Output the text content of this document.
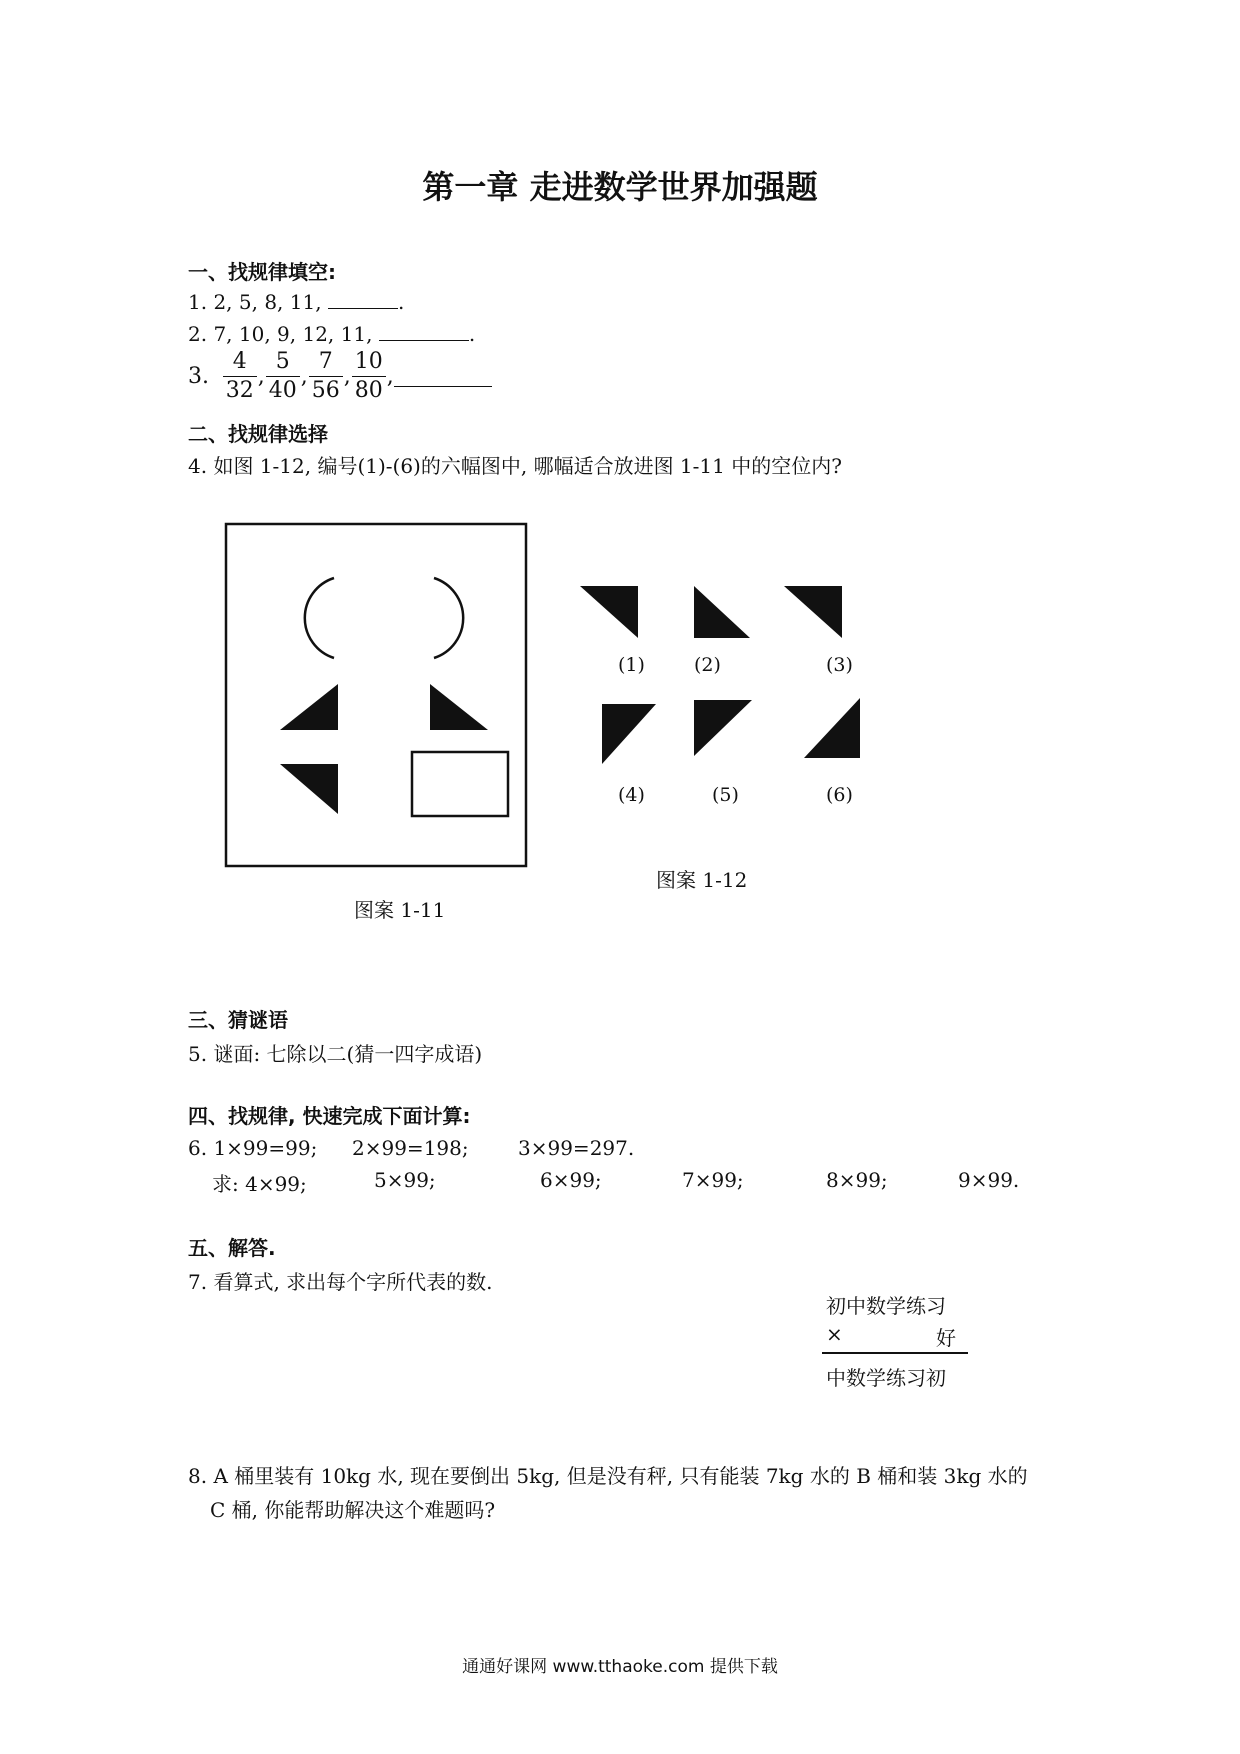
第一章 走进数学世界加强题
一、找规律填空:
1. 2, 5, 8, 11,	.
2. 7, 10, 9, 12, 11,	.
3. $\frac{4}{32}$ , $\frac{5}{40}$ , $\frac{7}{56}$ , $\frac{10}{80}$ ,
二、找规律选择
4. 如图 1-12, 编号(1)-(6)的六幅图中, 哪幅适合放进图 1-11 中的空位内?
图案 1-11
(1)	(2)	(3)
(4)	(5)	(6)
图案 1-12
三、猜谜语
5. 谜面: 七除以二(猜一四字成语)
四、找规律, 快速完成下面计算:
6. 1×99=99; 2×99=198; 3×99=297.
求: 4×99;	5×99;	6×99;	7×99;	8×99;	9×99.
五、解答.
7. 看算式, 求出每个字所代表的数.
初中数学练习
×	好
中数学练习初
8. A 桶里装有 10kg 水, 现在要倒出 5kg, 但是没有秤, 只有能装 7kg 水的 B 桶和装 3kg 水的
C 桶, 你能帮助解决这个难题吗?
通通好课网 www.tthaoke.com 提供下载
